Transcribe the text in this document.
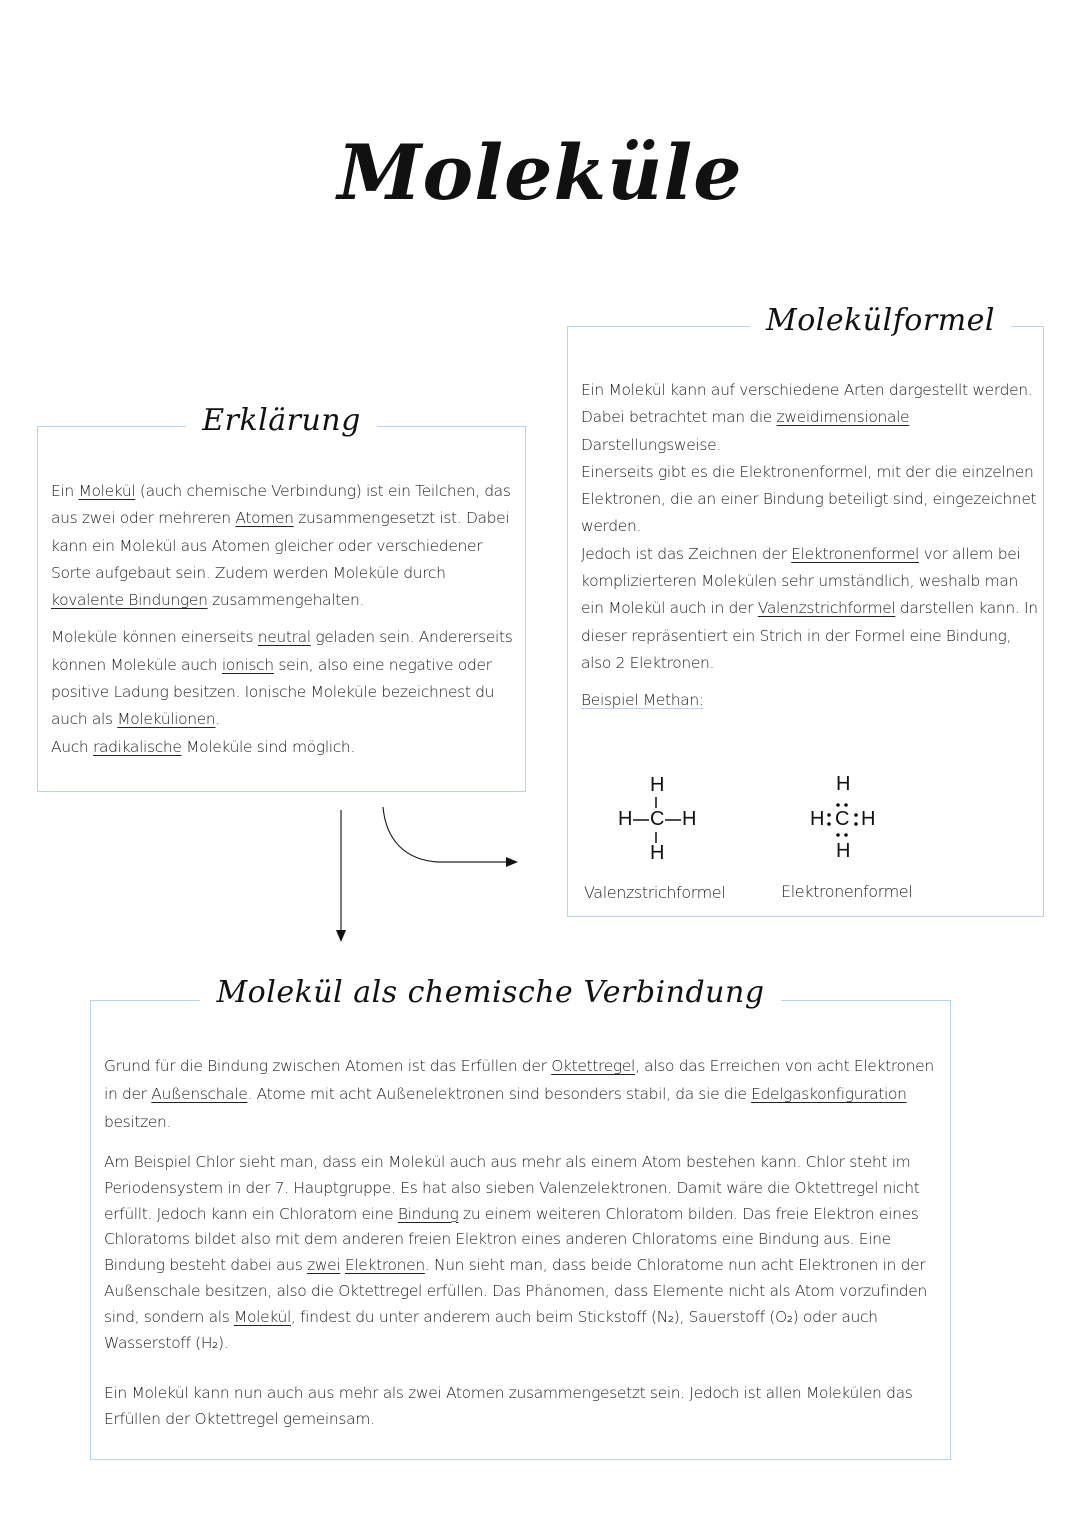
Moleküle
Erklärung

Ein Molekül (auch chemische Verbindung) ist ein Teilchen, das aus zwei oder mehreren Atomen zusammengesetzt ist. Dabei kann ein Molekül aus Atomen gleicher oder verschiedener Sorte aufgebaut sein. Zudem werden Moleküle durch kovalente Bindungen zusammengehalten.

Moleküle können einerseits neutral geladen sein. Andererseits können Moleküle auch ionisch sein, also eine negative oder positive Ladung besitzen. Ionische Moleküle bezeichnest du auch als Molekülionen.
Auch radikalische Moleküle sind möglich.

Molekülformel

Ein Molekül kann auf verschiedene Arten dargestellt werden.
Dabei betrachtet man die zweidimensionale Darstellungsweise.
Einerseits gibt es die Elektronenformel, mit der die einzelnen Elektronen, die an einer Bindung beteiligt sind, eingezeichnet werden.
Jedoch ist das Zeichnen der Elektronenformel vor allem bei komplizierteren Molekülen sehr umständlich, weshalb man ein Molekül auch in der Valenzstrichformel darstellen kann. In dieser repräsentiert ein Strich in der Formel eine Bindung, also 2 Elektronen.

Beispiel Methan:

H
H
H C H
Valenzstrichformel
H
H
H C H
Elektronenformel
Molekül als chemische Verbindung

Grund für die Bindung zwischen Atomen ist das Erfüllen der Oktettregel, also das Erreichen von acht Elektronen in der Außenschale. Atome mit acht Außenelektronen sind besonders stabil, da sie die Edelgaskonfiguration besitzen.

Am Beispiel Chlor sieht man, dass ein Molekül auch aus mehr als einem Atom bestehen kann. Chlor steht im Periodensystem in der 7. Hauptgruppe. Es hat also sieben Valenzelektronen. Damit wäre die Oktettregel nicht erfüllt. Jedoch kann ein Chloratom eine Bindung zu einem weiteren Chloratom bilden. Das freie Elektron eines Chloratoms bildet also mit dem anderen freien Elektron eines anderen Chloratoms eine Bindung aus. Eine Bindung besteht dabei aus zwei Elektronen. Nun sieht man, dass beide Chloratome nun acht Elektronen in der Außenschale besitzen, also die Oktettregel erfüllen. Das Phänomen, dass Elemente nicht als Atom vorzufinden sind, sondern als Molekül, findest du unter anderem auch beim Stickstoff (N₂), Sauerstoff (O₂) oder auch Wasserstoff (H₂).

Ein Molekül kann nun auch aus mehr als zwei Atomen zusammengesetzt sein. Jedoch ist allen Molekülen das Erfüllen der Oktettregel gemeinsam.
